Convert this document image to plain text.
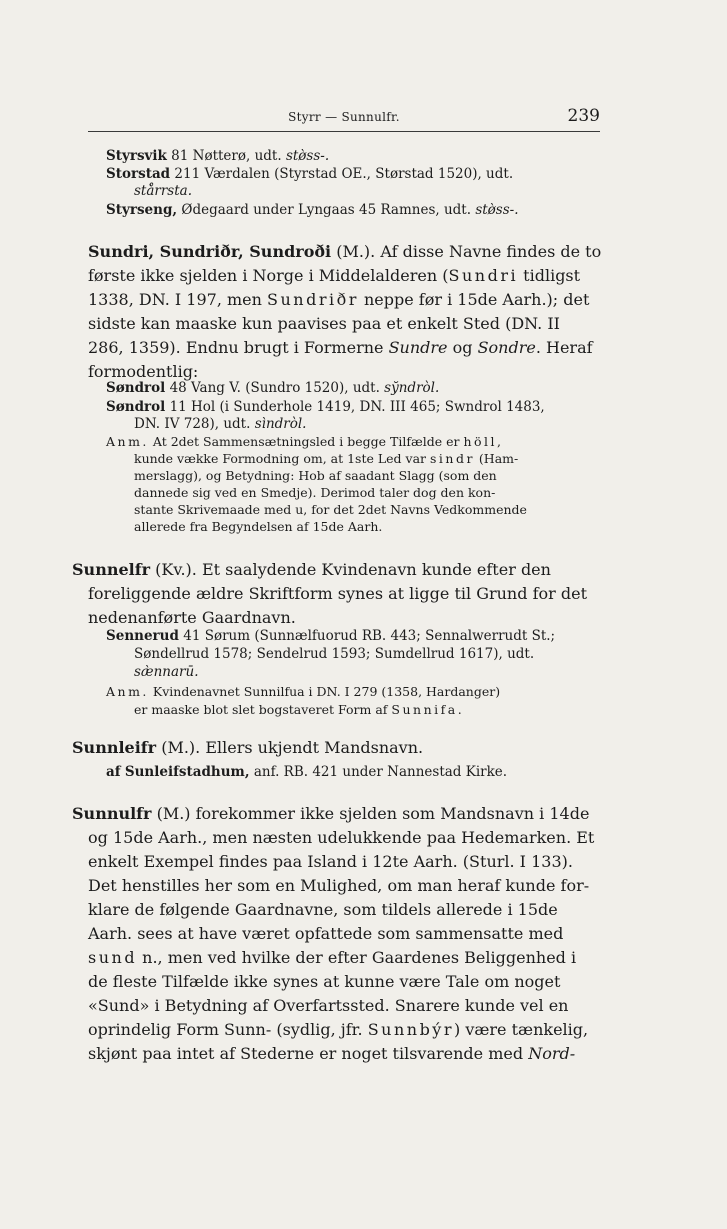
Styrr — Sunnulfr.	239
Styrsvik 81 Nøtterø, udt. stø̀ss-.
Storstad 211 Værdalen (Styrstad OE., Størstad 1520), udt.
stå̀rrsta.
Styrseng, Ødegaard under Lyngaas 45 Ramnes, udt. stø̀ss-.
Sundri, Sundriðr, Sundroði (M.). Af disse Navne findes de to
første ikke sjelden i Norge i Middelalderen (Sundri tidligst
1338, DN. I 197, men Sundriðr neppe før i 15de Aarh.); det
sidste kan maaske kun paavises paa et enkelt Sted (DN. II
286, 1359). Endnu brugt i Formerne Sundre og Sondre. Heraf
formodentlig:
Søndrol 48 Vang V. (Sundro 1520), udt. sy̆ndròl.
Søndrol 11 Hol (i Sunderhole 1419, DN. III 465; Swndrol 1483,
DN. IV 728), udt. sı̀ndròl.
Anm. At 2det Sammensætningsled i begge Tilfælde er höll,
kunde vække Formodning om, at 1ste Led var sindr (Ham-
merslagg), og Betydning: Hob af saadant Slagg (som den
dannede sig ved en Smedje). Derimod taler dog den kon-
stante Skrivemaade med u, for det 2det Navns Vedkommende
allerede fra Begyndelsen af 15de Aarh.
Sunnelfr (Kv.). Et saalydende Kvindenavn kunde efter den
foreliggende ældre Skriftform synes at ligge til Grund for det
nedenanførte Gaardnavn.
Sennerud 41 Sørum (Sunnælfuorud RB. 443; Sennalwerrudt St.;
Søndellrud 1578; Sendelrud 1593; Sumdellrud 1617), udt.
sæ̀nnarū.
Anm. Kvindenavnet Sunnilfua i DN. I 279 (1358, Hardanger)
er maaske blot slet bogstaveret Form af Sunnifa.
Sunnleifr (M.). Ellers ukjendt Mandsnavn.
af Sunleifstadhum, anf. RB. 421 under Nannestad Kirke.
Sunnulfr (M.) forekommer ikke sjelden som Mandsnavn i 14de
og 15de Aarh., men næsten udelukkende paa Hedemarken. Et
enkelt Exempel findes paa Island i 12te Aarh. (Sturl. I 133).
Det henstilles her som en Mulighed, om man heraf kunde for-
klare de følgende Gaardnavne, som tildels allerede i 15de
Aarh. sees at have været opfattede som sammensatte med
sund n., men ved hvilke der efter Gaardenes Beliggenhed i
de fleste Tilfælde ikke synes at kunne være Tale om noget
«Sund» i Betydning af Overfartssted. Snarere kunde vel en
oprindelig Form Sunn- (sydlig, jfr. Sunnbýr) være tænkelig,
skjønt paa intet af Stederne er noget tilsvarende med Nord-
